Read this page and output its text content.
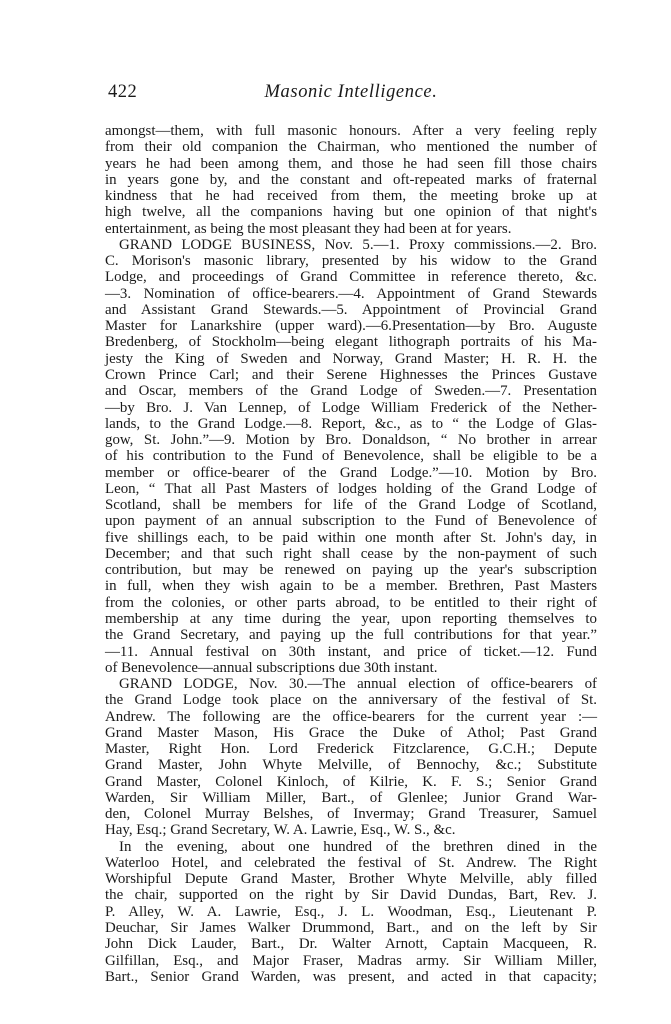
422	Masonic Intelligence.
amongst—them, with full masonic honours. After a very feeling reply
from their old companion the Chairman, who mentioned the number of
years he had been among them, and those he had seen fill those chairs
in years gone by, and the constant and oft-repeated marks of fraternal
kindness that he had received from them, the meeting broke up at
high twelve, all the companions having but one opinion of that night's
entertainment, as being the most pleasant they had been at for years.
GRAND LODGE BUSINESS, Nov. 5.—1. Proxy commissions.—2. Bro.
C. Morison's masonic library, presented by his widow to the Grand
Lodge, and proceedings of Grand Committee in reference thereto, &c.
—3. Nomination of office-bearers.—4. Appointment of Grand Stewards
and Assistant Grand Stewards.—5. Appointment of Provincial Grand
Master for Lanarkshire (upper ward).—6.Presentation—by Bro. Auguste
Bredenberg, of Stockholm—being elegant lithograph portraits of his Ma-
jesty the King of Sweden and Norway, Grand Master; H. R. H. the
Crown Prince Carl; and their Serene Highnesses the Princes Gustave
and Oscar, members of the Grand Lodge of Sweden.—7. Presentation
—by Bro. J. Van Lennep, of Lodge William Frederick of the Nether-
lands, to the Grand Lodge.—8. Report, &c., as to “ the Lodge of Glas-
gow, St. John.”—9. Motion by Bro. Donaldson, “ No brother in arrear
of his contribution to the Fund of Benevolence, shall be eligible to be a
member or office-bearer of the Grand Lodge.”—10. Motion by Bro.
Leon, “ That all Past Masters of lodges holding of the Grand Lodge of
Scotland, shall be members for life of the Grand Lodge of Scotland,
upon payment of an annual subscription to the Fund of Benevolence of
five shillings each, to be paid within one month after St. John's day, in
December; and that such right shall cease by the non-payment of such
contribution, but may be renewed on paying up the year's subscription
in full, when they wish again to be a member. Brethren, Past Masters
from the colonies, or other parts abroad, to be entitled to their right of
membership at any time during the year, upon reporting themselves to
the Grand Secretary, and paying up the full contributions for that year.”
—11. Annual festival on 30th instant, and price of ticket.—12. Fund
of Benevolence—annual subscriptions due 30th instant.
GRAND LODGE, Nov. 30.—The annual election of office-bearers of
the Grand Lodge took place on the anniversary of the festival of St.
Andrew. The following are the office-bearers for the current year :—
Grand Master Mason, His Grace the Duke of Athol; Past Grand
Master, Right Hon. Lord Frederick Fitzclarence, G.C.H.; Depute
Grand Master, John Whyte Melville, of Bennochy, &c.; Substitute
Grand Master, Colonel Kinloch, of Kilrie, K. F. S.; Senior Grand
Warden, Sir William Miller, Bart., of Glenlee; Junior Grand War-
den, Colonel Murray Belshes, of Invermay; Grand Treasurer, Samuel
Hay, Esq.; Grand Secretary, W. A. Lawrie, Esq., W. S., &c.
In the evening, about one hundred of the brethren dined in the
Waterloo Hotel, and celebrated the festival of St. Andrew. The Right
Worshipful Depute Grand Master, Brother Whyte Melville, ably filled
the chair, supported on the right by Sir David Dundas, Bart, Rev. J.
P. Alley, W. A. Lawrie, Esq., J. L. Woodman, Esq., Lieutenant P.
Deuchar, Sir James Walker Drummond, Bart., and on the left by Sir
John Dick Lauder, Bart., Dr. Walter Arnott, Captain Macqueen, R.
Gilfillan, Esq., and Major Fraser, Madras army. Sir William Miller,
Bart., Senior Grand Warden, was present, and acted in that capacity;
